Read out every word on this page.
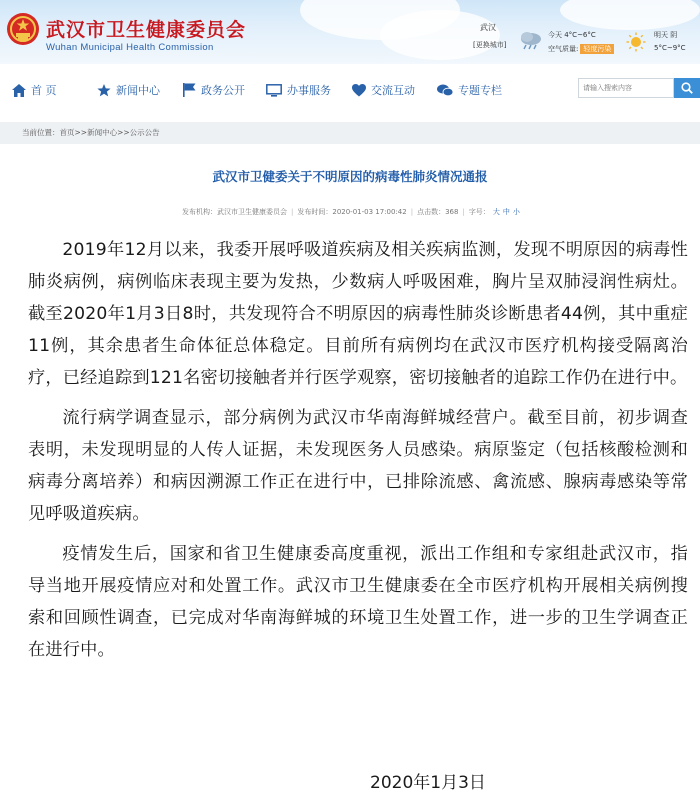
武汉市卫生健康委员会
Wuhan Municipal Health Commission
武汉
[更换城市]
今天 4°C~6°C
空气质量: 轻度污染
明天 阴
5°C~9°C
首 页	新闻中心	政务公开	办事服务	交流互动	专题专栏
请输入搜索内容
当前位置：首页>>新闻中心>>公示公告
武汉市卫健委关于不明原因的病毒性肺炎情况通报
发布机构：武汉市卫生健康委员会 | 发布时间：2020-01-03 17:00:42 | 点击数：368 | 字号： 大 中 小

2019年12月以来，我委开展呼吸道疾病及相关疾病监测，发现不明原因的病毒性肺炎病例，病例临床表现主要为发热，少数病人呼吸困难，胸片呈双肺浸润性病灶。截至2020年1月3日8时，共发现符合不明原因的病毒性肺炎诊断患者44例，其中重症11例，其余患者生命体征总体稳定。目前所有病例均在武汉市医疗机构接受隔离治疗，已经追踪到121名密切接触者并行医学观察，密切接触者的追踪工作仍在进行中。

流行病学调查显示，部分病例为武汉市华南海鲜城经营户。截至目前，初步调查表明，未发现明显的人传人证据，未发现医务人员感染。病原鉴定（包括核酸检测和病毒分离培养）和病因溯源工作正在进行中，已排除流感、禽流感、腺病毒感染等常见呼吸道疾病。

疫情发生后，国家和省卫生健康委高度重视，派出工作组和专家组赴武汉市，指导当地开展疫情应对和处置工作。武汉市卫生健康委在全市医疗机构开展相关病例搜索和回顾性调查，已完成对华南海鲜城的环境卫生处置工作，进一步的卫生学调查正在进行中。

2020年1月3日
